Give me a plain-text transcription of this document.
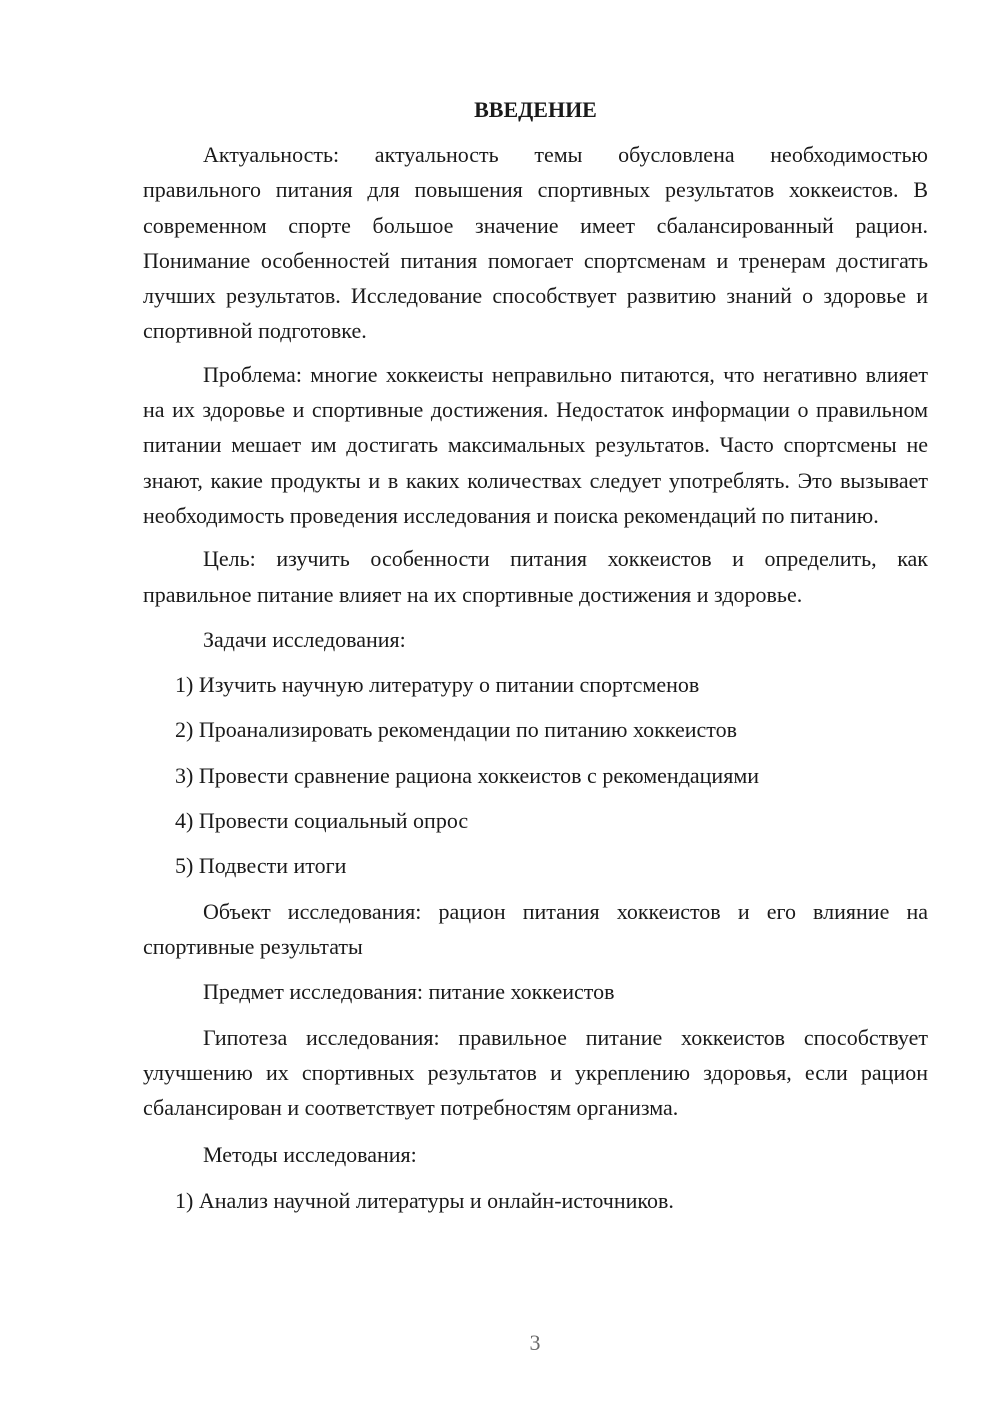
ВВЕДЕНИЕ

Актуальность: актуальность темы обусловлена необходимостью правильного питания для повышения спортивных результатов хоккеистов. В современном спорте большое значение имеет сбалансированный рацион. Понимание особенностей питания помогает спортсменам и тренерам достигать лучших результатов. Исследование способствует развитию знаний о здоровье и спортивной подготовке.

Проблема: многие хоккеисты неправильно питаются, что негативно влияет на их здоровье и спортивные достижения. Недостаток информации о правильном питании мешает им достигать максимальных результатов. Часто спортсмены не знают, какие продукты и в каких количествах следует употреблять. Это вызывает необходимость проведения исследования и поиска рекомендаций по питанию.

Цель: изучить особенности питания хоккеистов и определить, как правильное питание влияет на их спортивные достижения и здоровье.

Задачи исследования:
1) Изучить научную литературу о питании спортсменов
2) Проанализировать рекомендации по питанию хоккеистов
3) Провести сравнение рациона хоккеистов с рекомендациями
4) Провести социальный опрос
5) Подвести итоги

Объект исследования: рацион питания хоккеистов и его влияние на спортивные результаты

Предмет исследования: питание хоккеистов

Гипотеза исследования: правильное питание хоккеистов способствует улучшению их спортивных результатов и укреплению здоровья, если рацион сбалансирован и соответствует потребностям организма.

Методы исследования:
1) Анализ научной литературы и онлайн-источников.
3
